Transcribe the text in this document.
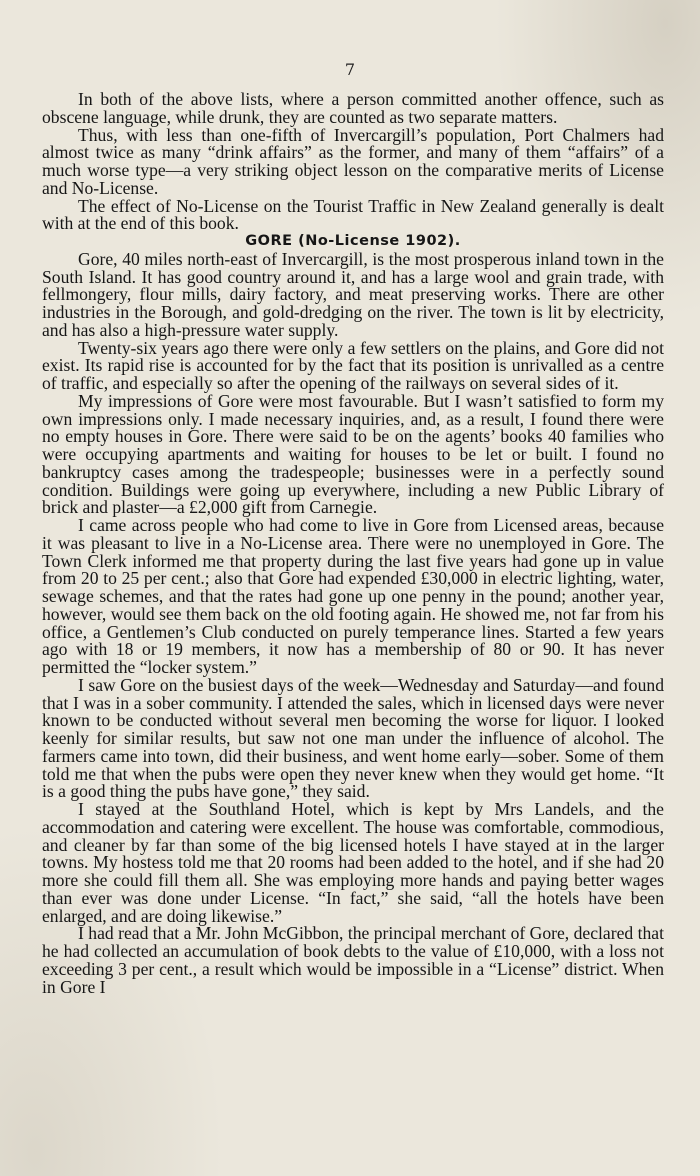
7

In both of the above lists, where a person committed another offence, such as obscene language, while drunk, they are counted as two separate matters.

Thus, with less than one-fifth of Invercargill’s population, Port Chalmers had almost twice as many “drink affairs” as the former, and many of them “affairs” of a much worse type—a very striking object lesson on the comparative merits of License and No-License.

The effect of No-License on the Tourist Traffic in New Zealand generally is dealt with at the end of this book.

GORE (No-License 1902).

Gore, 40 miles north-east of Invercargill, is the most prosperous inland town in the South Island. It has good country around it, and has a large wool and grain trade, with fellmongery, flour mills, dairy factory, and meat preserving works. There are other industries in the Borough, and gold-dredging on the river. The town is lit by electricity, and has also a high-pressure water supply.

Twenty-six years ago there were only a few settlers on the plains, and Gore did not exist. Its rapid rise is accounted for by the fact that its position is unrivalled as a centre of traffic, and especially so after the opening of the railways on several sides of it.

My impressions of Gore were most favourable. But I wasn’t satisfied to form my own impressions only. I made necessary inquiries, and, as a result, I found there were no empty houses in Gore. There were said to be on the agents’ books 40 families who were occupying apartments and waiting for houses to be let or built. I found no bankruptcy cases among the tradespeople; businesses were in a perfectly sound condition. Buildings were going up everywhere, including a new Public Library of brick and plaster—a £2,000 gift from Carnegie.

I came across people who had come to live in Gore from Licensed areas, because it was pleasant to live in a No-License area. There were no unemployed in Gore. The Town Clerk informed me that property during the last five years had gone up in value from 20 to 25 per cent.; also that Gore had expended £30,000 in electric lighting, water, sewage schemes, and that the rates had gone up one penny in the pound; another year, however, would see them back on the old footing again. He showed me, not far from his office, a Gentlemen’s Club conducted on purely temperance lines. Started a few years ago with 18 or 19 members, it now has a membership of 80 or 90. It has never permitted the “locker system.”

I saw Gore on the busiest days of the week—Wednesday and Saturday—and found that I was in a sober community. I attended the sales, which in licensed days were never known to be conducted without several men becoming the worse for liquor. I looked keenly for similar results, but saw not one man under the influence of alcohol. The farmers came into town, did their business, and went home early—sober. Some of them told me that when the pubs were open they never knew when they would get home. “It is a good thing the pubs have gone,” they said.

I stayed at the Southland Hotel, which is kept by Mrs Landels, and the accommodation and catering were excellent. The house was comfortable, commodious, and cleaner by far than some of the big licensed hotels I have stayed at in the larger towns. My hostess told me that 20 rooms had been added to the hotel, and if she had 20 more she could fill them all. She was employing more hands and paying better wages than ever was done under License. “In fact,” she said, “all the hotels have been enlarged, and are doing likewise.”

I had read that a Mr. John McGibbon, the principal merchant of Gore, declared that he had collected an accumulation of book debts to the value of £10,000, with a loss not exceeding 3 per cent., a result which would be impossible in a “License” district. When in Gore I
